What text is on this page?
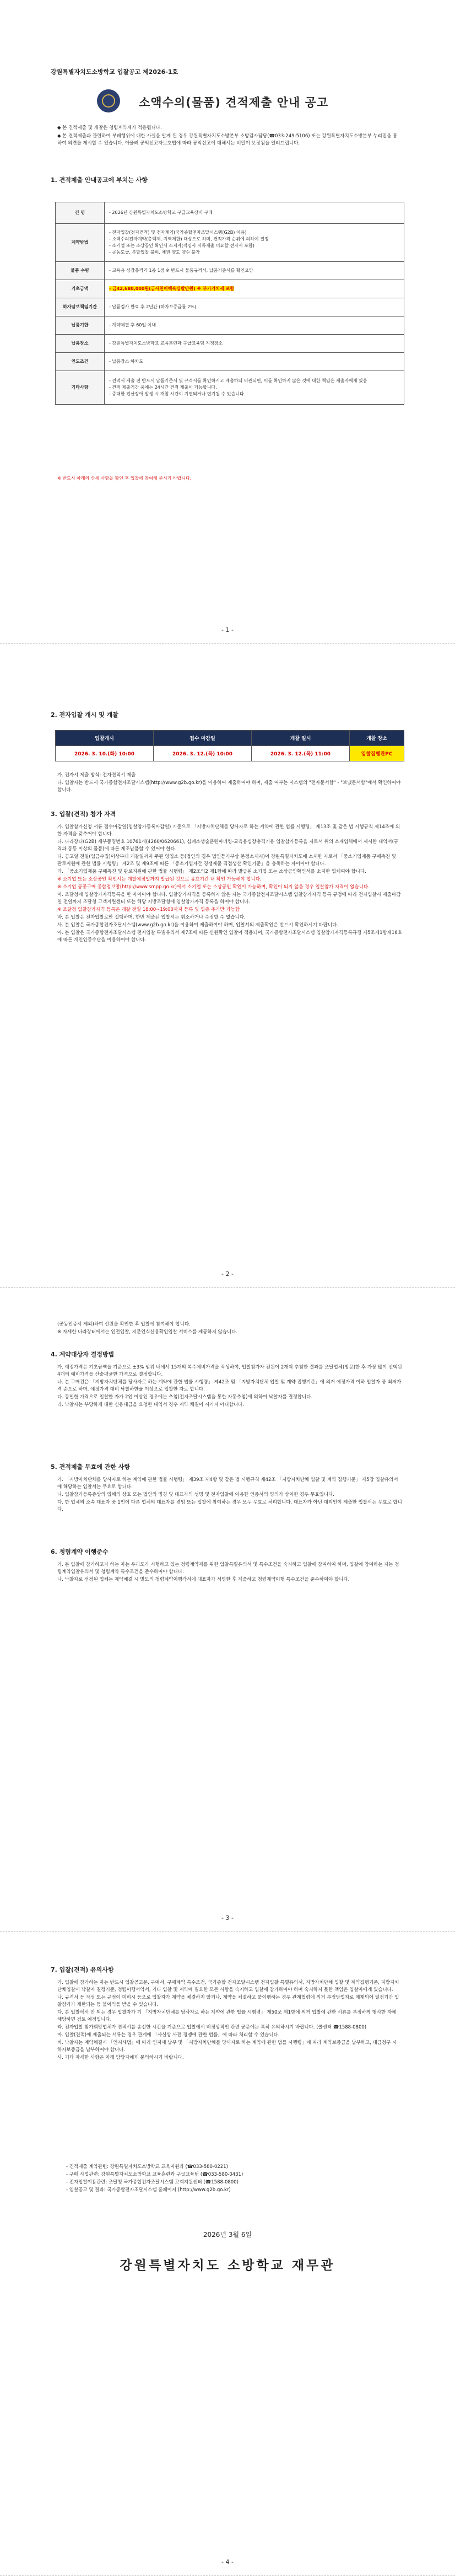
강원특별자치도소방학교 입찰공고 제2026-1호
소액수의(물품) 견적제출 안내 공고

◆ 본 견적제출 및 개찰은 청렴계약제가 적용됩니다.

◆ 본 견적제출과 관련하여 부패행위에 대한 사실을 알게 된 경우 강원특별자치도소방본부 소방감사담당(☎033-249-5106) 또는 강원특별자치도소방본부 누리집을 통하여 의견을 제시할 수 있습니다. 아울러 공익신고자보호법에 따라 공익신고에 대해서는 비밀이 보장됨을 알려드립니다.

1. 견적제출 안내공고에 부치는 사항
건 명	- 2026년 강원특별자치도소방학교 구급교육장비 구매
계약방법	- 전자입찰(전자견적) 및 전자계약(국가종합전자조달시스템(G2B) 이용)
- 소액수의전자계약(총액제, 지역제한) 대상으로 하며, 견적가격 순위에 의하여 결정
- 소기업 또는 소상공인 확인서 소지자(적임사 서류제출 미요할 전자시 포함)
- 공동도급, 분할입찰 불허, 채권 양도 양수 불가

물품 수량	- 교육용 심장충격기 1종 1점 ※ 반드시 물품규격서, 납품기준서를 확인요망
기초금액	- 금42,680,000원(금사천이백육십팔만원) ※ 부가가치세 포함
하자담보책임기간	- 납품검사 완료 후 2년간 (하자보증금률 2%)
납품기한	- 계약체결 후 60일 이내
납품장소	- 강원특별자치도소방학교 교육훈련과 구급교육팀 지정장소
인도조건	- 납품장소 하차도
기타사항	- 견적서 제출 전 반드시 납품기준서 및 규격서를 확인하시고 제출하되 비관되면, 이를 확인하지 않은 것에 대한 책임은 제출자에게 있음
- 견적 제출기간 중에는 24시간 견적 제출이 가능합니다.
- 중대한 전산장애 발생 시 개찰 시간이 지연되거나 연기될 수 있습니다.
※ 반드시 아래의 상세 사항을 확인 후 입찰에 참여해 주시기 바랍니다.
- 1 -
2. 전자입찰 개시 및 개찰
입찰개시	접수 마감일	개찰 일시	개찰 장소
2026. 3. 10.(화) 10:00	2026. 3. 12.(목) 10:00	2026. 3. 12.(목) 11:00	입찰집행관PC

가. 전자서 제출 방식: 전자견적서 제출

나. 입찰자는 반드시 국가종합전자조달시스템(http://www.g2b.go.kr)을 이용하여 제출하여야 하며, 제출 여부는 시스템의 "전자문서함" - "보냈문서함"에서 확인하여야 합니다.

3. 입찰(견적) 참가 자격

가. 입찰참가신청 서류 접수마감일(입찰참가등록마감일) 기준으로 「지방자치단체를 당사자로 하는 계약에 관한 법률 시행령」 제13조 및 같은 법 시행규칙 제14조에 의한 자격을 갖추어야 합니다.

나. 나라장터(G2B) 세부품명번호 10761개(4260/0620661), 심폐소생술훈련마네킹-교육용심장충격기용 입찰참가등록을 자로서 위의 소재업체에서 제시한 내역서(규격과 동등 이상의 물품)에 따른 제조납품할 수 있어야 한다.

다. 공고일 전일(입금수집)이상부터 개찰일까지 주된 영업소 등(법인의 경우 법인등기부상 본점소재지)이 강원특별자치도에 소재한 자로서 「중소기업제품 구매촉진 및 판로지원에 관한 법률 시행령」 제2조 및 제9조에 따른 「중소기업자간 경쟁제품 직접생산 확인기준」을 충족하는 자이어야 합니다.

라. 「중소기업제품 구매촉진 및 판로지원에 관한 법률 시행령」 제2조의2 제1항에 따라 발급된 소기업 또는 소상공인확인서를 소지한 업체여야 합니다.

※ 소기업 또는 소상공인 확인서는 개찰예정일까지 발급된 것으로 유효기간 내 확인 가능해야 합니다.

※ 소기업 공공구매 종합정보망(http://www.smpp.go.kr)에서 소기업 또는 소상공인 확인이 가능하며, 확인이 되지 않을 경우 입찰참가 자격이 없습니다.

마. 조달청에 입찰참가자격등록을 한 자이어야 합니다. 입찰참가자격을 등록하지 않은 자는 국가종합전자조달시스템 입찰참가자격 등록 규정에 따라 전자입찰시 제출마감일 전일까지 조달청 고객지원센터 또는 해당 지방조달청에 입찰참가자격 등록을 하여야 합니다.

※ 조달청 입찰참가자격 등록은 개찰 전일 18:00~19:00까지 등록 및 업종 추가만 가능함

바. 본 입찰은 전자입찰로만 집행하며, 한번 제출된 입찰서는 취소하거나 수정할 수 없습니다.

사. 본 입찰은 국가종합전자조달시스템(www.g2b.go.kr)을 이용하여 제출하여야 하며, 입찰서의 제출확인은 반드시 확인하시기 바랍니다.

아. 본 입찰은 국가종합전자조달시스템 전자입찰 특별유의서 제7조에 따른 신원확인 입찰이 적용되며, 국가종합전자조달시스템 입찰참가자격등록규정 제5조제1항제16호에 따른 개인인증수단을 이용하여야 합니다.

- 2 -

(공동인증서 제외)하여 신원을 확인한 후 입찰에 참여해야 합니다.

※ 자세한 나라장터에서는 인전입찰, 지문인식신용확인입찰 서비스를 제공하지 않습니다.

4. 계약대상자 결정방법

가. 예정가격은 기초금액을 기준으로 ±3% 범위 내에서 15개의 복수예비가격을 작성하여, 입찰참가자 전원이 2개씩 추첨한 결과를 조달업체(방문)한 후 가장 많이 선택된 4개의 예비가격을 산술평균한 가격으로 결정합니다.

나. 본 구매건은 「지방자치단체를 당사자로 하는 계약에 관한 법률 시행령」 제42조 및 「지방자치단체 입찰 및 계약 집행기준」에 의거 예정가격 이하 입찰자 중 최저가격 순으로 하며, 예정가격 대비 낙찰하한율 이상으로 입찰한 자로 합니다.

다. 동일한 가격으로 입찰한 자가 2인 이상인 경우에는 추첨(전자조달시스템을 통한 자동추첨)에 의하여 낙찰자를 결정합니다.

라. 낙찰자는 부당하게 대한 신용대금을 요청한 내역서 경우 계약 체결이 시키지 아니합니다.

5. 견적제출 무효에 관한 사항

가. 「지방자치단체를 당사자로 하는 계약에 관한 법률 시행령」 제39조 제4항 및 같은 법 시행규칙 제42조 「지방자치단체 입찰 및 계약 집행기준」 제5장 입찰유의서에 해당하는 입찰서는 무효로 합니다.

나. 입찰참가등록증상의 업체의 상호 또는 법인의 명칭 및 대표자의 성명 및 전자입찰에 이용한 인증서의 명의가 상이한 경우 무효입니다.

다. 한 업체의 소속 대표자 중 1인이 다른 업체의 대표자를 겸임 또는 입찰에 참여하는 경우 모두 무효로 처리합니다. 대표자가 아닌 대리인이 제출한 입찰서는 무효로 합니다.

6. 청렴계약 이행준수

가. 본 입찰에 참가하고자 하는 자는 우리도가 시행하고 있는 청렴계약제를 위한 입찰특별유의서 및 특수조건을 숙지하고 입찰에 참여하여 하며, 입찰에 참여하는 자는 청렴계약입찰유의서 및 청렴계약 특수조건을 준수하여야 합니다.

나. 낙찰자로 선정된 업체는 계약체결 시 별도의 청렴계약이행각서에 대표자가 서명한 후 제출하고 청렴계약이행 특수조건을 준수하여야 합니다.

- 3 -
7. 입찰(견적) 유의사항

가. 입찰에 참가하는 자는 반드시 입찰공고문, 구매서, 구매계약 특수조건, 국가종합 전자조달시스템 전자입찰 특별유의서, 지방자치단체 입찰 및 계약집행기준, 지방자치단체입찰시 낙찰자 결정기준, 청렴이행서약서, 기타 입찰 및 계약에 필요한 모든 사항을 숙지하고 입찰에 참가하여야 하며 숙지하지 못한 책임은 입찰자에게 있습니다.

나. 규격서 등 작성 또는 규정이 미비시 등으로 입찰자가 계약을 체결하지 않거나, 계약을 체결하고 불이행하는 경우 관계법령에 의거 부정당업자로 제재되어 일정기간 입찰참가가 제한되는 등 불이익을 받을 수 있습니다.

다. 본 입찰에서 안 되는 경우 입찰자가 기 「지방자치단체를 당사자로 하는 계약에 관한 법률 시행령」 제50조 제1항에 의거 입찰에 관한 서류를 부정하게 행사한 자에 해당하면 검토 예정입니다.

라. 전자입찰 참가희망업체가 견적서를 송신한 시간을 기준으로 입찰에서 비정상적인 관련 공문에는 특히 유의하시기 바랍니다. (콜센터 ☎1588-0800)

마. 입찰(견적)에 제출되는 서류는 경우 관계에 「사실상 사전 경쟁에 관한 법률」에 따라 처리할 수 있습니다.

바. 낙찰자는 계약체결시 「인지세법」에 따라 인지세 납부 및 「지방자치단체를 당사자로 하는 계약에 관한 법률 시행령」에 따라 계약보증금을 납부하고, 대금청구 시 하자보증금을 납부하여야 합니다.

사. 기타 자세한 사항은 아래 담당자에게 문의하시기 바랍니다.

- 견적제출 계약관련: 강원특별자치도소방학교 교육지원과 (☎033-580-0221)

- 구매 사업관련: 강원특별자치도소방학교 교육훈련과 구급교육팀 (☎033-580-0431)

- 전자입찰이용관련: 조달청 국가종합전자조달시스템 고객지원센터 (☎1588-0800)

- 입찰공고 및 결과: 국가종합전자조달시스템 홈페이지 (http://www.g2b.go.kr)

2026년 3월 6일
강원특별자치도 소방학교 재무관
- 4 -
